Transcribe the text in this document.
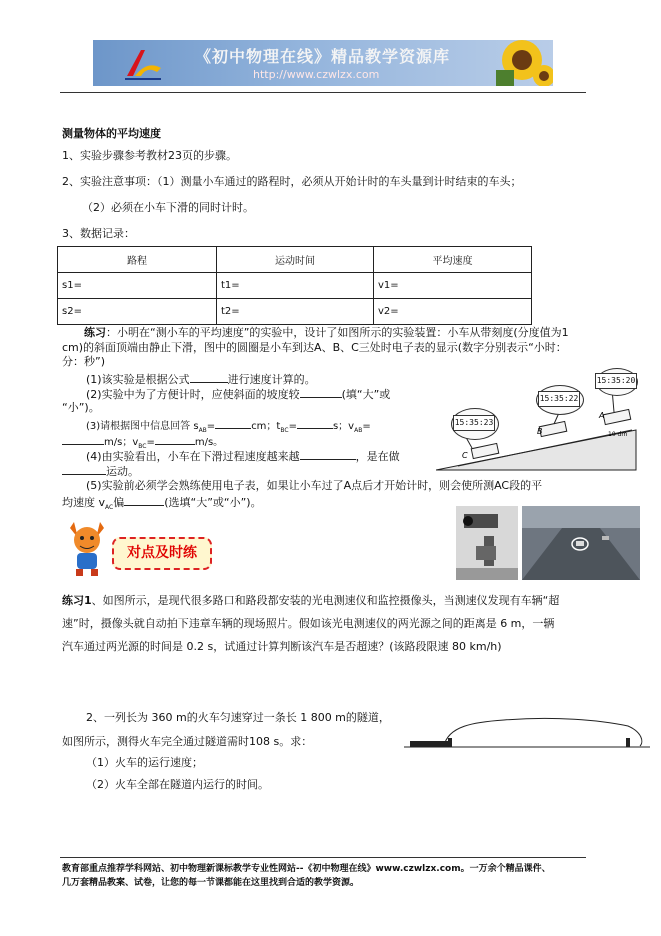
《初中物理在线》精品教学资源库
http://www.czwlzx.com
测量物体的平均速度
1、实验步骤参考教材23页的步骤。
2、实验注意事项：（1）测量小车通过的路程时，必须从开始计时的车头量到计时结束的车头；
（2）必须在小车下滑的同时计时。
3、数据记录：
路程	运动时间	平均速度
s1=	t1=	v1=
s2=	t2=	v2=
练习：小明在“测小车的平均速度”的实验中，设计了如图所示的实验装置：小车从带刻度(分度值为1 cm)的斜面顶端由静止下滑，图中的圆圈是小车到达A、B、C三处时电子表的显示(数字分别表示“小时：分：秒”)
(1)该实验是根据公式	进行速度计算的。
(2)实验中为了方便计时，应使斜面的坡度较	(填“大”或
“小”)。
(3)请根据图中信息回答 $s_{AB}=$	cm；$t_{BC}=$	s；$v_{AB}=$
m/s；$v_{BC}=$	m/s。
(4)由实验看出，小车在下滑过程速度越来越	，是在做
运动。
(5)实验前必须学会熟练使用电子表，如果让小车过了A点后才开始计时，则会使所测AC段的平
均速度 $v_{AC}$偏	(选填“大”或“小”)。
A
B
C
10 dm
15:35:20
15:35:22
15:35:23
对点及时练
练习1、如图所示，是现代很多路口和路段都安装的光电测速仪和监控摄像头，当测速仪发现有车辆“超
速”时，摄像头就自动拍下违章车辆的现场照片。假如该光电测速仪的两光源之间的距离是 6 m，一辆
汽车通过两光源的时间是 0.2 s，试通过计算判断该汽车是否超速？(该路段限速 80 km/h)
2、一列长为 360 m的火车匀速穿过一条长 1 800 m的隧道，
如图所示，测得火车完全通过隧道需时108 s。求：
（1）火车的运行速度；
（2）火车全部在隧道内运行的时间。
教育部重点推荐学科网站、初中物理新课标教学专业性网站--《初中物理在线》www.czwlzx.com。一万余个精品课件、
几万套精品教案、试卷，让您的每一节课都能在这里找到合适的教学资源。
